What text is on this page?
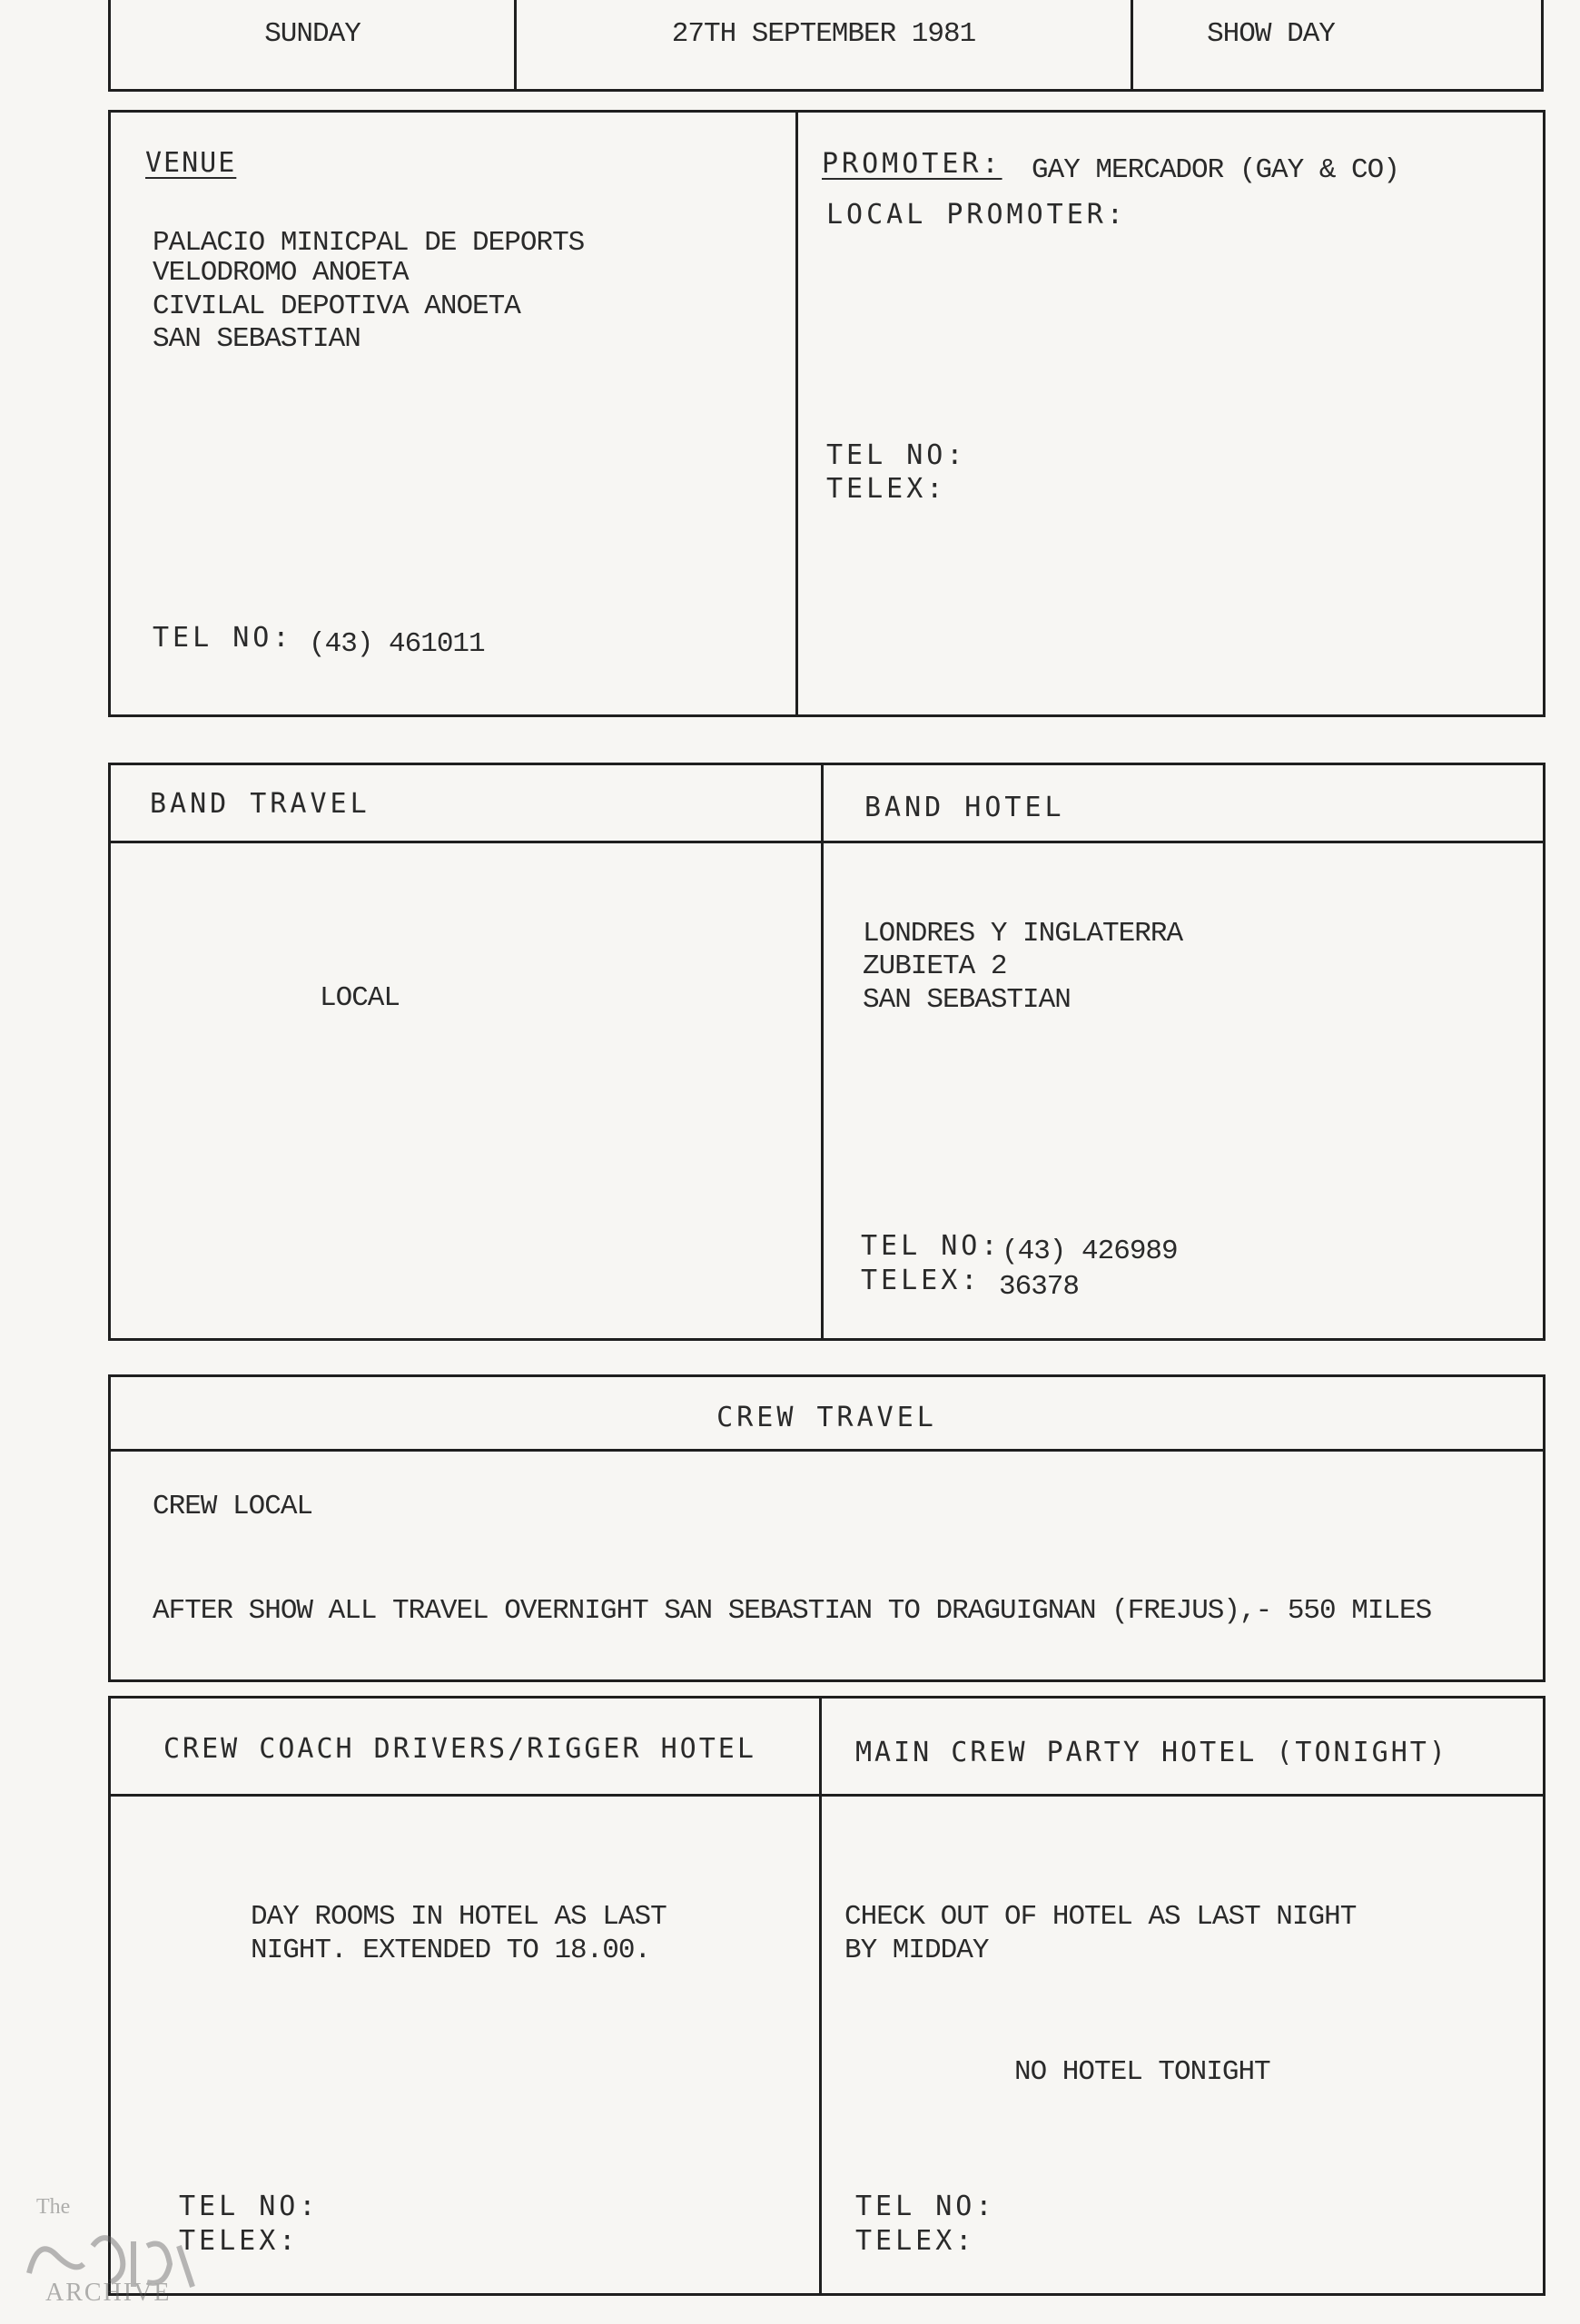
SUNDAY	27TH SEPTEMBER 1981	SHOW DAY
VENUE
PALACIO MINICPAL DE DEPORTS
VELODROMO ANOETA
CIVILAL DEPOTIVA ANOETA
SAN SEBASTIAN
TEL NO: (43) 461011
PROMOTER: GAY MERCADOR (GAY & CO)
LOCAL PROMOTER:
TEL NO:
TELEX:
BAND TRAVEL
LOCAL
BAND HOTEL
LONDRES Y INGLATERRA
ZUBIETA 2
SAN SEBASTIAN
TEL NO: (43) 426989
TELEX: 36378
CREW TRAVEL
CREW LOCAL
AFTER SHOW ALL TRAVEL OVERNIGHT SAN SEBASTIAN TO DRAGUIGNAN (FREJUS),- 550 MILES
CREW COACH DRIVERS/RIGGER HOTEL
DAY ROOMS IN HOTEL AS LAST
NIGHT. EXTENDED TO 18.00.
TEL NO:
TELEX:
MAIN CREW PARTY HOTEL (TONIGHT)
CHECK OUT OF HOTEL AS LAST NIGHT
BY MIDDAY
NO HOTEL TONIGHT
TEL NO:
TELEX:
The
ARCHIVE
